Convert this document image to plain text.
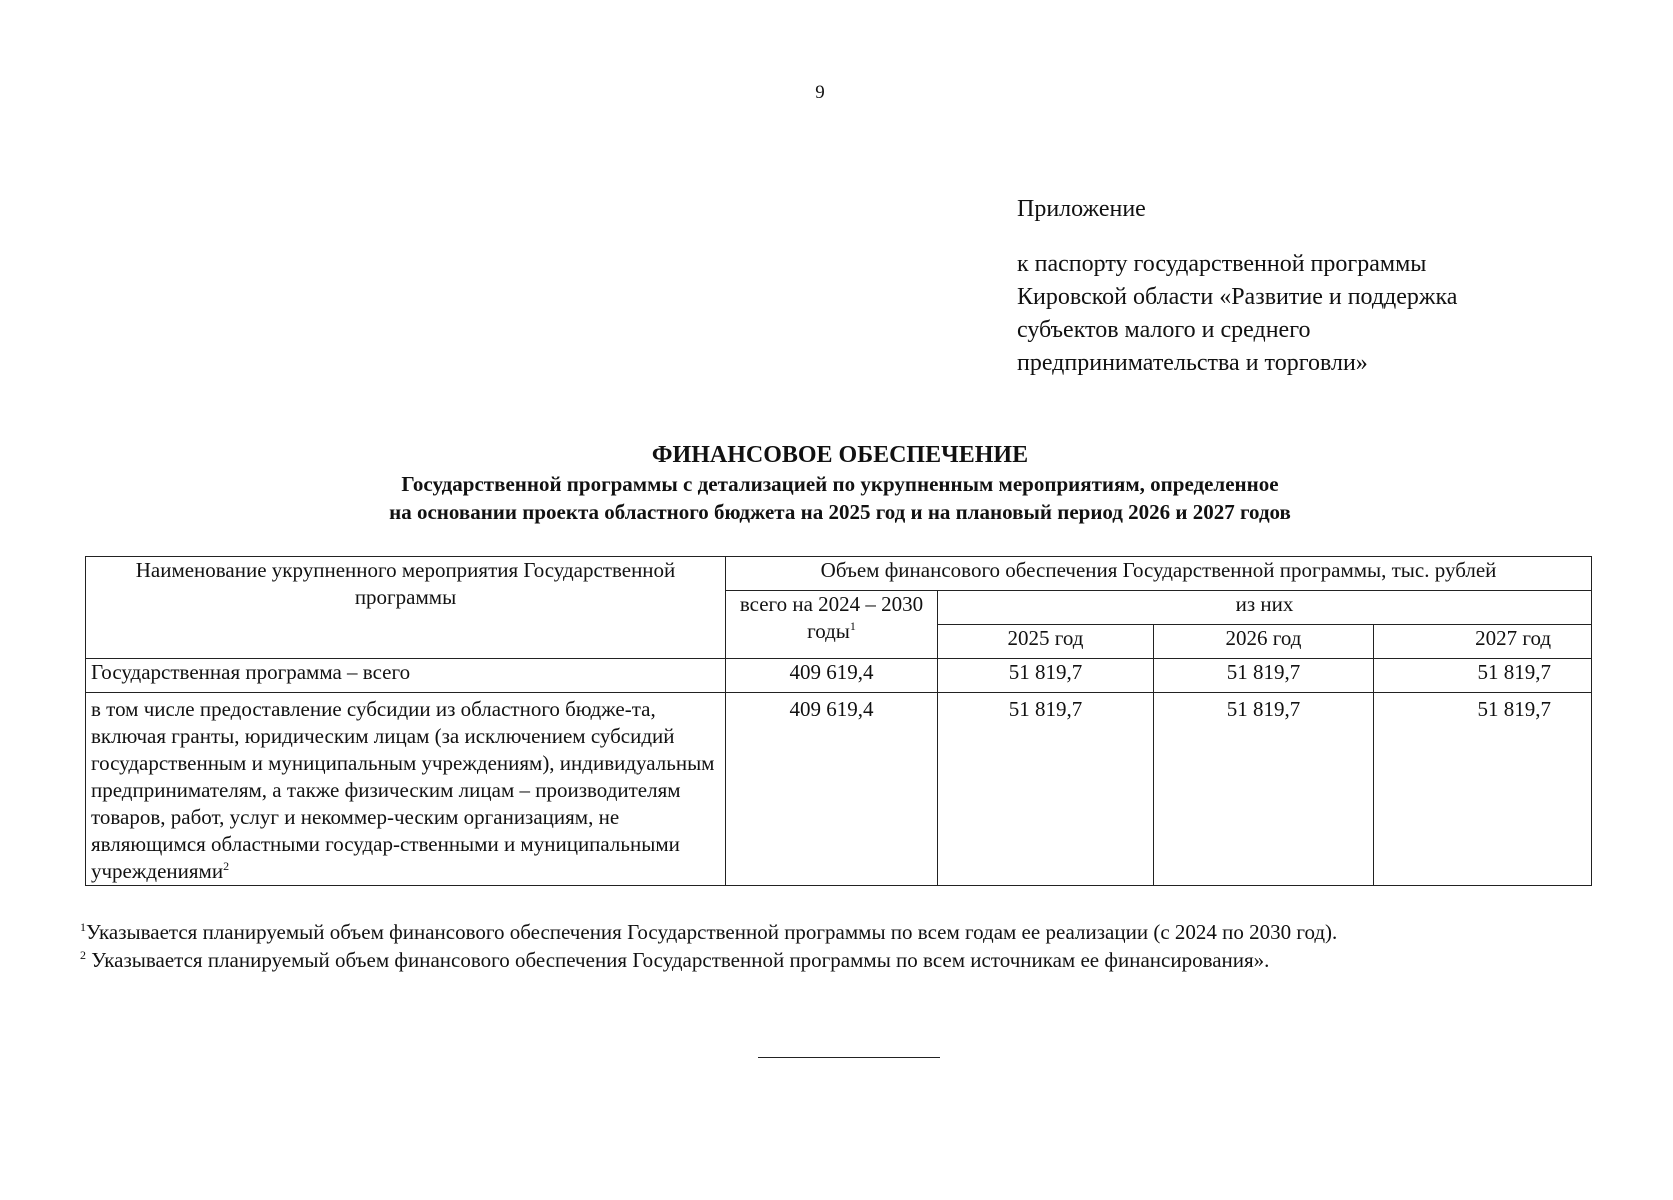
9
Приложение
к паспорту государственной программы
Кировской области «Развитие и поддержка
субъектов малого и среднего
предпринимательства и торговли»
ФИНАНСОВОЕ ОБЕСПЕЧЕНИЕ
Государственной программы с детализацией по укрупненным мероприятиям, определенное
на основании проекта областного бюджета на 2025 год и на плановый период 2026 и 2027 годов
Наименование укрупненного мероприятия Государственной программы	Объем финансового обеспечения Государственной программы, тыс. рублей			
	всего на 2024 – 2030 годы$^1$	из них		
		2025 год	2026 год	2027 год
Государственная программа – всего	409 619,4	51 819,7	51 819,7	51 819,7
в том числе предоставление субсидии из областного бюдже-та, включая гранты, юридическим лицам (за исключением субсидий государственным и муниципальным учреждениям), индивидуальным предпринимателям, а также физическим лицам – производителям товаров, работ, услуг и некоммер-ческим организациям, не являющимся областными государ-ственными и муниципальными учреждениями$^2$	409 619,4	51 819,7	51 819,7	51 819,7
$^1$Указывается планируемый объем финансового обеспечения Государственной программы по всем годам ее реализации (с 2024 по 2030 год).
$^2$ Указывается планируемый объем финансового обеспечения Государственной программы по всем источникам ее финансирования».
